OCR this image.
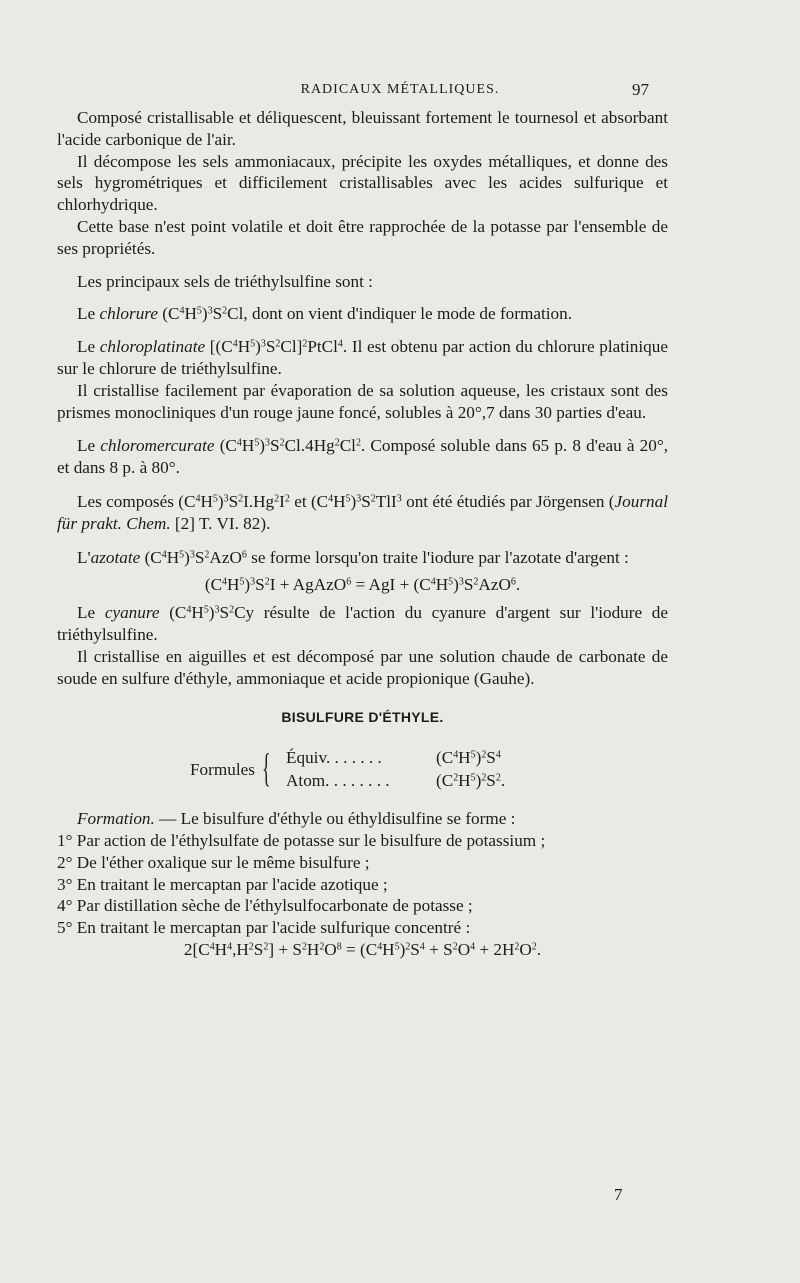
RADICAUX MÉTALLIQUES.	97

Composé cristallisable et déliquescent, bleuissant fortement le tournesol et absorbant l'acide carbonique de l'air.

Il décompose les sels ammoniacaux, précipite les oxydes métalliques, et donne des sels hygrométriques et difficilement cristallisables avec les acides sulfurique et chlorhydrique.

Cette base n'est point volatile et doit être rapprochée de la potasse par l'ensemble de ses propriétés.

Les principaux sels de triéthylsulfine sont :

Le chlorure $(C^4H^5)^3S^2Cl$, dont on vient d'indiquer le mode de formation.

Le chloroplatinate $[(C^4H^5)^3S^2Cl]^2PtCl^4$. Il est obtenu par action du chlorure platinique sur le chlorure de triéthylsulfine.

Il cristallise facilement par évaporation de sa solution aqueuse, les cristaux sont des prismes monocliniques d'un rouge jaune foncé, solubles à 20°,7 dans 30 parties d'eau.

Le chloromercurate $(C^4H^5)^3S^2Cl.4Hg^2Cl^2$. Composé soluble dans 65 p. 8 d'eau à 20°, et dans 8 p. à 80°.

Les composés $(C^4H^5)^3S^2I.Hg^2I^2$ et $(C^4H^5)^3S^2TlI^3$ ont été étudiés par Jörgensen (Journal für prakt. Chem. [2] T. VI. 82).

L'azotate $(C^4H^5)^3S^2AzO^6$ se forme lorsqu'on traite l'iodure par l'azotate d'argent :

$(C^4H^5)^3S^2I$ + AgAzO$^6$ = AgI + $(C^4H^5)^3S^2AzO^6$.

Le cyanure $(C^4H^5)^3S^2Cy$ résulte de l'action du cyanure d'argent sur l'iodure de triéthylsulfine.

Il cristallise en aiguilles et est décomposé par une solution chaude de carbonate de soude en sulfure d'éthyle, ammoniaque et acide propionique (Gauhe).

BISULFURE D'ÉTHYLE.
Formules { Équiv. . . . . . .	$(C^4H^5)^2S^4$
Atom. . . . . . . .	$(C^2H^5)^2S^2$.

Formation. — Le bisulfure d'éthyle ou éthyldisulfine se forme :

1° Par action de l'éthylsulfate de potasse sur le bisulfure de potassium ;

2° De l'éther oxalique sur le même bisulfure ;

3° En traitant le mercaptan par l'acide azotique ;

4° Par distillation sèche de l'éthylsulfocarbonate de potasse ;

5° En traitant le mercaptan par l'acide sulfurique concentré :

$2[C^4H^4,H^2S^2] + S^2H^2O^8 = (C^4H^5)^2S^4 + S^2O^4 + 2H^2O^2$.

7
